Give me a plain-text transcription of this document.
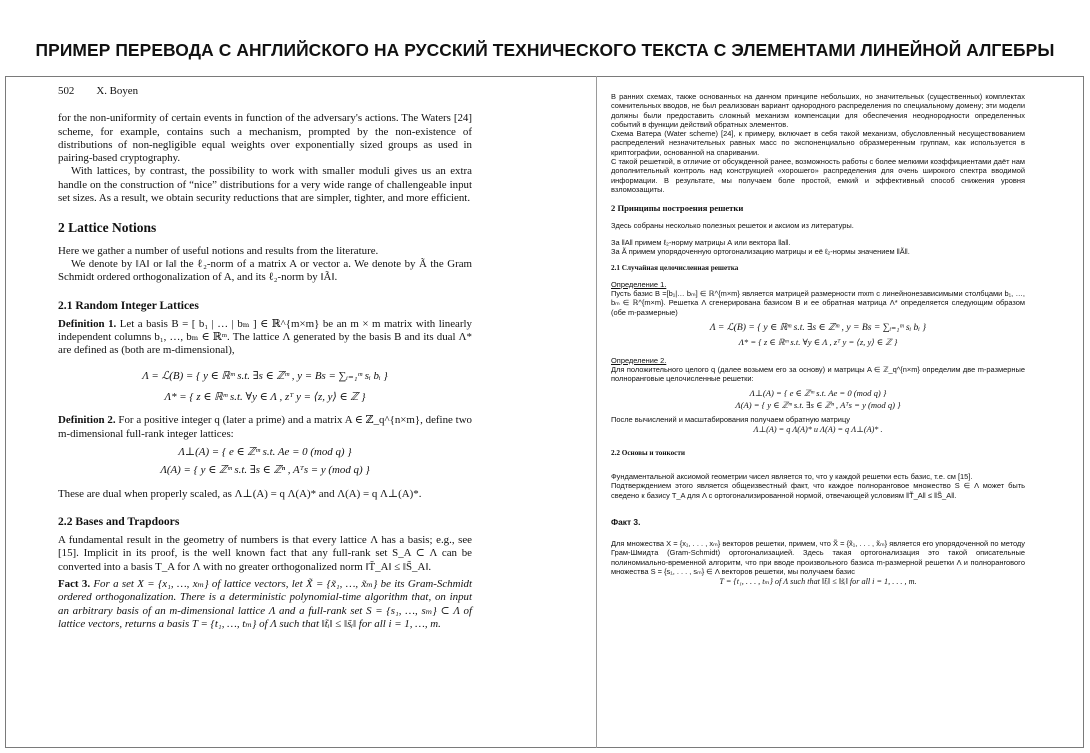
ПРИМЕР ПЕРЕВОДА С АНГЛИЙСКОГО НА РУССКИЙ ТЕХНИЧЕСКОГО ТЕКСТА С ЭЛЕМЕНТАМИ ЛИНЕЙНОЙ АЛГЕБРЫ

502 X. Boyen

for the non-uniformity of certain events in function of the adversary's actions. The Waters [24] scheme, for example, contains such a mechanism, prompted by the non-existence of distributions of non-negligible equal weights over exponentially sized groups as used in pairing-based cryptography.

With lattices, by contrast, the possibility to work with smaller moduli gives us an extra handle on the construction of “nice” distributions for a very wide range of challengeable input set sizes. As a result, we obtain security reductions that are simpler, tighter, and more efficient.

2 Lattice Notions

Here we gather a number of useful notions and results from the literature.

We denote by ‖A‖ or ‖a‖ the ℓ₂-norm of a matrix A or vector a. We denote by Ã the Gram Schmidt ordered orthogonalization of A, and its ℓ₂-norm by ‖Ã‖.

2.1 Random Integer Lattices

Definition 1. Let a basis B = [ b₁ | … | bₘ ] ∈ ℝ^{m×m} be an m × m matrix with linearly independent columns b₁, …, bₘ ∈ ℝᵐ. The lattice Λ generated by the basis B and its dual Λ* are defined as (both are m-dimensional),

Λ = ℒ(B) = { y ∈ ℝᵐ s.t. ∃s ∈ ℤᵐ , y = Bs = ∑ᵢ₌₁ᵐ sᵢ bᵢ }

Λ* = { z ∈ ℝᵐ s.t. ∀y ∈ Λ , zᵀ y = ⟨z, y⟩ ∈ ℤ }

Definition 2. For a positive integer q (later a prime) and a matrix A ∈ ℤ_q^{n×m}, define two m-dimensional full-rank integer lattices:

Λ⊥(A) = { e ∈ ℤᵐ s.t. Ae = 0 (mod q) }

Λ(A) = { y ∈ ℤᵐ s.t. ∃s ∈ ℤⁿ , Aᵀs = y (mod q) }

These are dual when properly scaled, as Λ⊥(A) = q Λ(A)* and Λ(A) = q Λ⊥(A)*.

2.2 Bases and Trapdoors

A fundamental result in the geometry of numbers is that every lattice Λ has a basis; e.g., see [15]. Implicit in its proof, is the well known fact that any full-rank set S_A ⊂ Λ can be converted into a basis T_A for Λ with no greater orthogonalized norm ‖T̃_A‖ ≤ ‖S̃_A‖.

Fact 3. For a set X = {x₁, …, xₘ} of lattice vectors, let X̃ = {x̃₁, …, x̃ₘ} be its Gram-Schmidt ordered orthogonalization. There is a deterministic polynomial-time algorithm that, on input an arbitrary basis of an m-dimensional lattice Λ and a full-rank set S = {s₁, …, sₘ} ⊂ Λ of lattice vectors, returns a basis T = {t₁, …, tₘ} of Λ such that ‖t̃ᵢ‖ ≤ ‖s̃ᵢ‖ for all i = 1, …, m.

В ранних схемах, также основанных на данном принципе небольших, но значительных (существенных) комплектах сомнительных вводов, не был реализован вариант однородного распределения по специальному домену; эти модели должны были предоставить сложный механизм компенсации для обеспечения неоднородности определенных событий в функции действий обратных элементов.

Схема Ватера (Water scheme) [24], к примеру, включает в себя такой механизм, обусловленный несуществованием распределений незначительных равных масс по экспоненциально образмеренным группам, как используется в криптографии, основанной на спаривании.

С такой решеткой, в отличие от обсужденной ранее, возможность работы с более мелкими коэффициентами даёт нам дополнительный контроль над конструкцией «хорошего» распределения для очень широкого спектра вводимой информации. В результате, мы получаем боле простой, емкий и эффективный способ снижения уровня взломозащиты.

2 Принципы построения решетки

Здесь собраны несколько полезных решеток и аксиом из литературы.

За ‖A‖ примем ℓ₂-норму матрицы А или вектора ‖a‖.

За Ã примем упорядоченную ортогонализацию матрицы и её ℓ₂-нормы значением ‖Ã‖.

2.1 Случайная целочисленная решетка

Определение 1.

Пусть базис B =[b₁|… bₘ] ∈ ℝ^{m×m} является матрицей размерности mxm с линейнонезависимыми столбцами b₁, …, bₘ ∈ ℝ^{m×m}. Решетка Λ сгенерирована базисом B и ее обратная матрица Λ* определяется следующим образом (обе m-размерные)

Λ = ℒ(B) = { y ∈ ℝᵐ s.t. ∃s ∈ ℤᵐ , y = Bs = ∑ᵢ₌₁ᵐ sᵢ bᵢ }

Λ* = { z ∈ ℝᵐ s.t. ∀y ∈ Λ , zᵀ y = ⟨z, y⟩ ∈ ℤ }

Определение 2.

Для положительного целого q (далее возьмем его за основу) и матрицы A ∈ ℤ_q^{n×m} определим две m-размерные полноранговые целочисленные решетки:

Λ⊥(A) = { e ∈ ℤᵐ s.t. Ae = 0 (mod q) }

Λ(A) = { y ∈ ℤᵐ s.t. ∃s ∈ ℤⁿ , Aᵀs = y (mod q) }

После вычислений и масштабирования получаем обратную матрицу

Λ⊥(A) = q Λ(A)* и Λ(A) = q Λ⊥(A)* .

2.2 Основы и тонкости

Фундаментальной аксиомой геометрии чисел является то, что у каждой решетки есть базис, т.е. см [15].

Подтверждением этого является общеизвестный факт, что каждое полноранговое множество S ∈ Λ может быть сведено к базису T_A для Λ с ортогонализированной нормой, отвечающей условиям ‖T̃_A‖ ≤ ‖S̃_A‖.

Факт 3.

Для множества X = {x₁, . . . , xₘ} векторов решетки, примем, что X̃ = {x̃₁, . . . , x̃ₘ} является его упорядоченной по методу Грам-Шмидта (Gram-Schmidt) ортогонализацией. Здесь такая ортогонализация это такой описательные полиномиально-временной алгоритм, что при вводе произвольного базиса m-размерной решетки Λ и полноранговогo множества S = {s₁, . . . , sₘ} ∈ Λ векторов решетки, мы получаем базис

T = {t₁, . . . , tₘ} of Λ such that ‖t̃ᵢ‖ ≤ ‖s̃ᵢ‖ for all i = 1, . . . , m.
